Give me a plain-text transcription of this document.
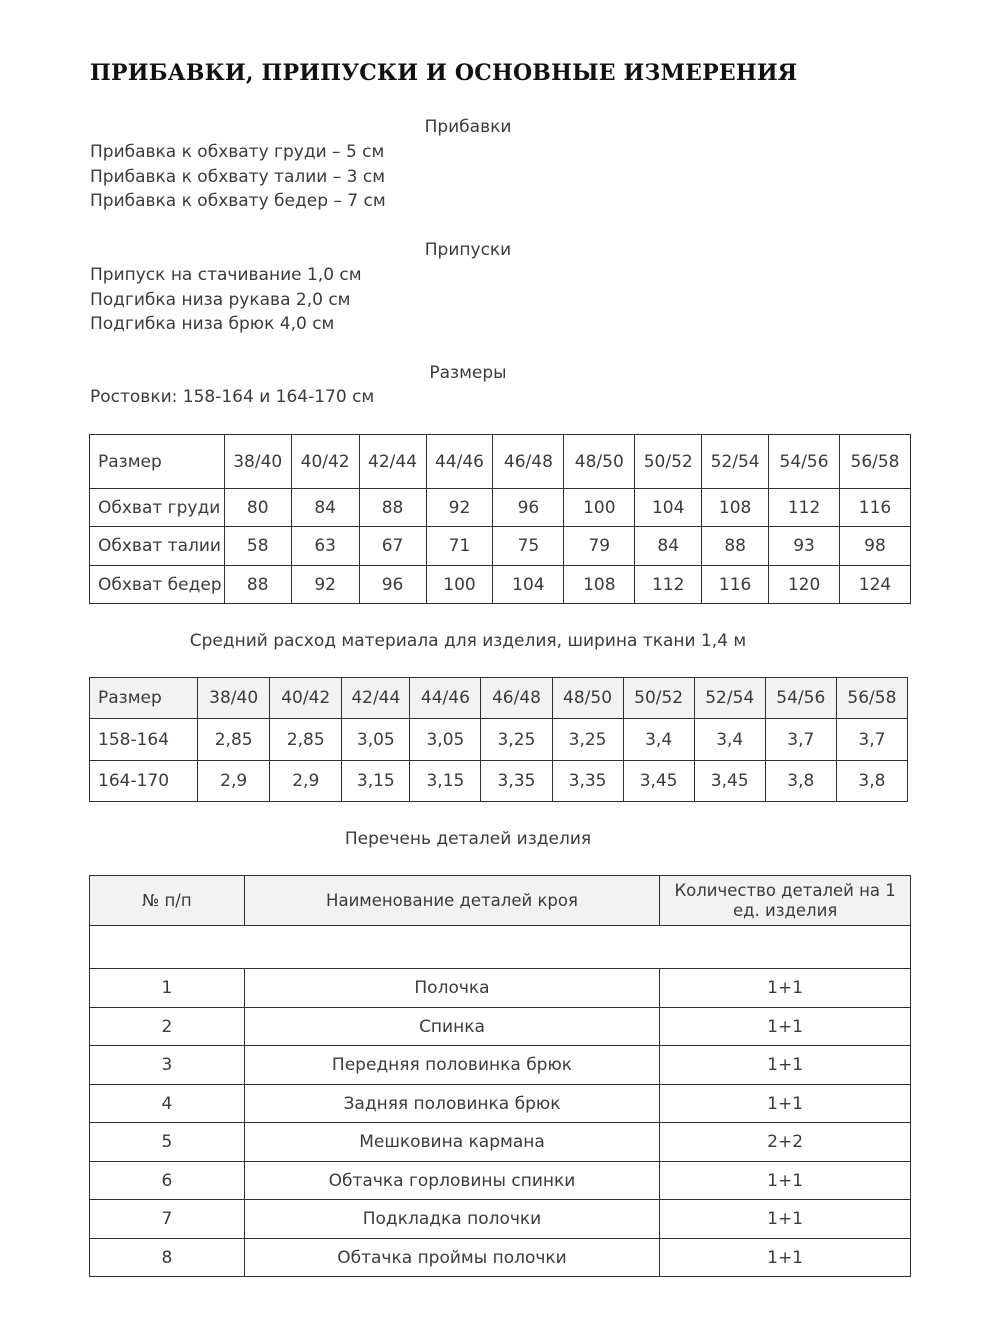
ПРИБАВКИ, ПРИПУСКИ И ОСНОВНЫЕ ИЗМЕРЕНИЯ
Прибавки
Прибавка к обхвату груди – 5 см
Прибавка к обхвату талии – 3 см
Прибавка к обхвату бедер – 7 см
Припуски
Припуск на стачивание 1,0 см
Подгибка низа рукава 2,0 см
Подгибка низа брюк 4,0 см
Размеры
Ростовки: 158-164 и 164-170 см
Размер	38/40	40/42	42/44	44/46	46/48	48/50	50/52	52/54	54/56	56/58
Обхват груди	80	84	88	92	96	100	104	108	112	116
Обхват талии	58	63	67	71	75	79	84	88	93	98
Обхват бедер	88	92	96	100	104	108	112	116	120	124
Средний расход материала для изделия, ширина ткани 1,4 м
Размер	38/40	40/42	42/44	44/46	46/48	48/50	50/52	52/54	54/56	56/58
158-164	2,85	2,85	3,05	3,05	3,25	3,25	3,4	3,4	3,7	3,7
164-170	2,9	2,9	3,15	3,15	3,35	3,35	3,45	3,45	3,8	3,8
Перечень деталей изделия
№ п/п	Наименование деталей кроя	Количество деталей на 1 ед. изделия

1	Полочка	1+1
2	Спинка	1+1
3	Передняя половинка брюк	1+1
4	Задняя половинка брюк	1+1
5	Мешковина кармана	2+2
6	Обтачка горловины спинки	1+1
7	Подкладка полочки	1+1
8	Обтачка проймы полочки	1+1
